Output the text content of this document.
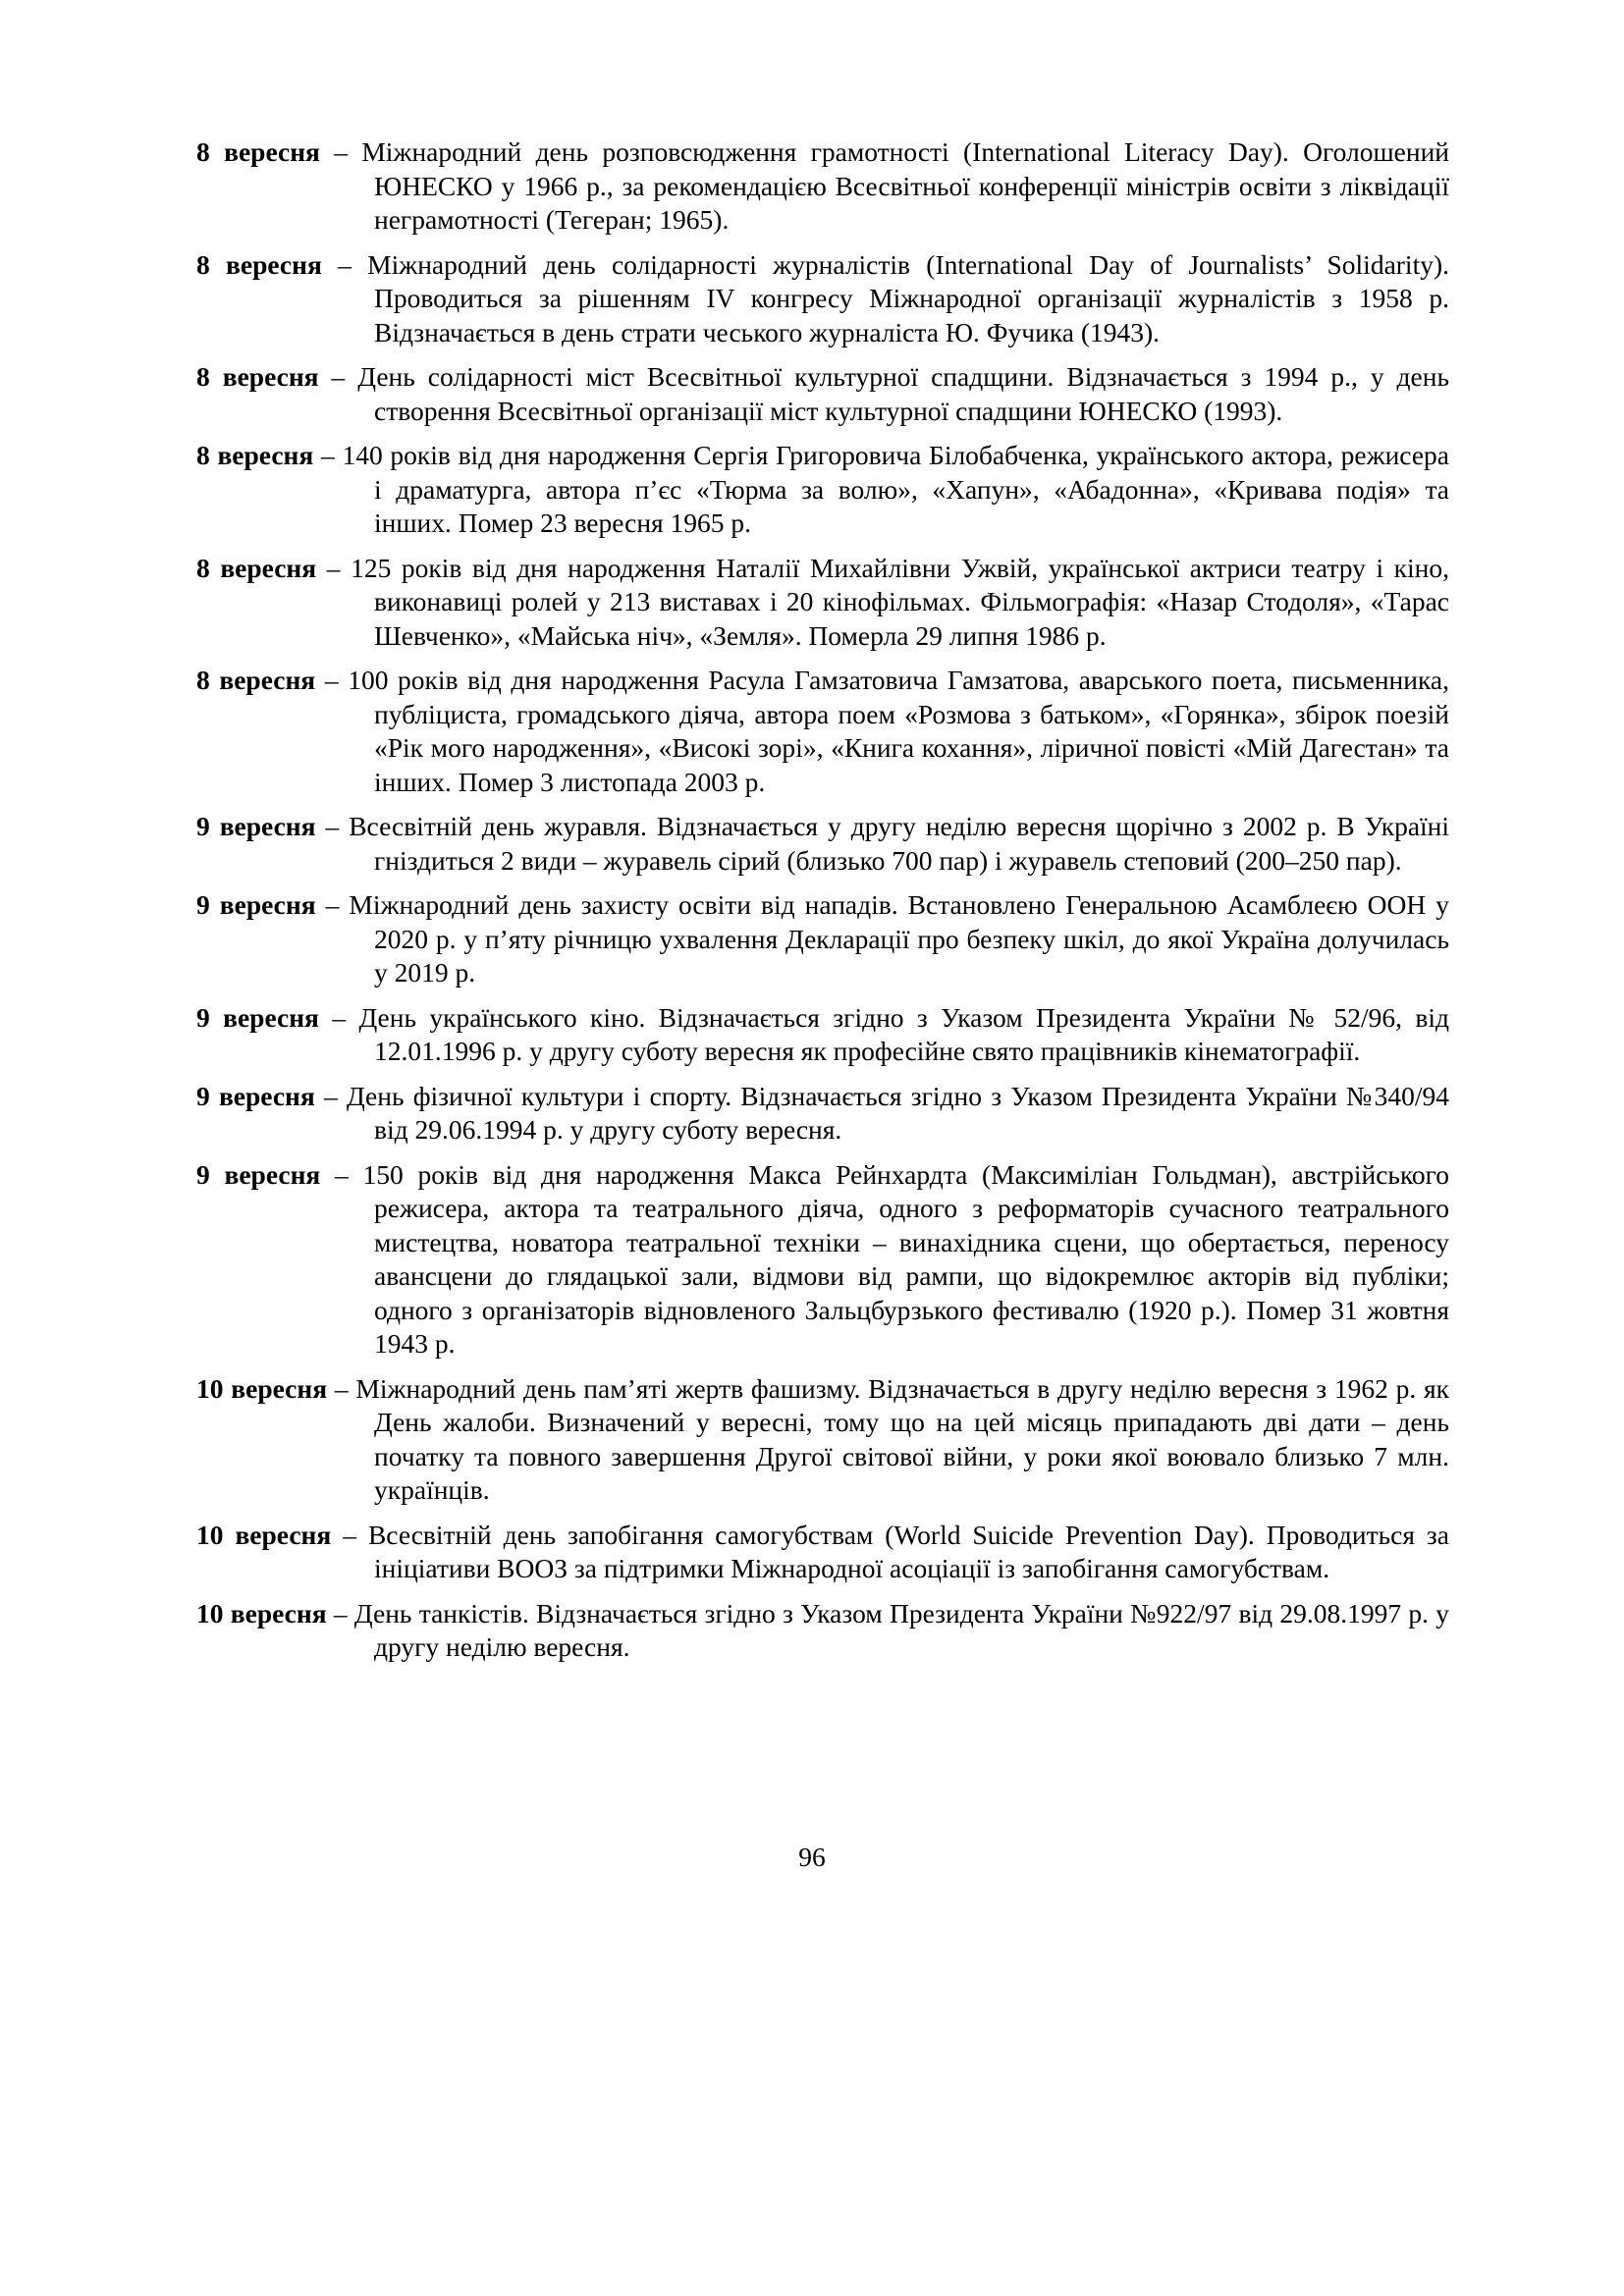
8 вересня – Міжнародний день розповсюдження грамотності (International Literacy Day). Оголошений ЮНЕСКО у 1966 р., за рекомендацією Всесвітньої конференції міністрів освіти з ліквідації неграмотності (Тегеран; 1965).

8 вересня – Міжнародний день солідарності журналістів (International Day of Journalists’ Solidarity). Проводиться за рішенням IV конгресу Міжнародної організації журналістів з 1958 р. Відзначається в день страти чеського журналіста Ю. Фучика (1943).

8 вересня – День солідарності міст Всесвітньої культурної спадщини. Відзначається з 1994 р., у день створення Всесвітньої організації міст культурної спадщини ЮНЕСКО (1993).

8 вересня – 140 років від дня народження Сергія Григоровича Білобабченка, українського актора, режисера і драматурга, автора п’єс «Тюрма за волю», «Хапун», «Абадонна», «Кривава подія» та інших. Помер 23 вересня 1965 р.

8 вересня – 125 років від дня народження Наталії Михайлівни Ужвій, української актриси театру і кіно, виконавиці ролей у 213 виставах і 20 кінофільмах. Фільмографія: «Назар Стодоля», «Тарас Шевченко», «Майська ніч», «Земля». Померла 29 липня 1986 р.

8 вересня – 100 років від дня народження Расула Гамзатовича Гамзатова, аварського поета, письменника, публіциста, громадського діяча, автора поем «Розмова з батьком», «Горянка», збірок поезій «Рік мого народження», «Високі зорі», «Книга кохання», ліричної повісті «Мій Дагестан» та інших. Помер 3 листопада 2003 р.

9 вересня – Всесвітній день журавля. Відзначається у другу неділю вересня щорічно з 2002 р. В Україні гніздиться 2 види – журавель сірий (близько 700 пар) і журавель степовий (200–250 пар).

9 вересня – Міжнародний день захисту освіти від нападів. Встановлено Генеральною Асамблеєю ООН у 2020 р. у п’яту річницю ухвалення Декларації про безпеку шкіл, до якої Україна долучилась у 2019 р.

9 вересня – День українського кіно. Відзначається згідно з Указом Президента України № 52/96, від 12.01.1996 р. у другу суботу вересня як професійне свято працівників кінематографії.

9 вересня – День фізичної культури і спорту. Відзначається згідно з Указом Президента України №340/94 від 29.06.1994 р. у другу суботу вересня.

9 вересня – 150 років від дня народження Макса Рейнхардта (Максиміліан Гольдман), австрійського режисера, актора та театрального діяча, одного з реформаторів сучасного театрального мистецтва, новатора театральної техніки – винахідника сцени, що обертається, переносу авансцени до глядацької зали, відмови від рампи, що відокремлює акторів від публіки; одного з організаторів відновленого Зальцбурзького фестивалю (1920 р.). Помер 31 жовтня 1943 р.

10 вересня – Міжнародний день пам’яті жертв фашизму. Відзначається в другу неділю вересня з 1962 р. як День жалоби. Визначений у вересні, тому що на цей місяць припадають дві дати – день початку та повного завершення Другої світової війни, у роки якої воювало близько 7 млн. українців.

10 вересня – Всесвітній день запобігання самогубствам (World Suicide Prevention Day). Проводиться за ініціативи ВООЗ за підтримки Міжнародної асоціації із запобігання самогубствам.

10 вересня – День танкістів. Відзначається згідно з Указом Президента України №922/97 від 29.08.1997 р. у другу неділю вересня.

96
